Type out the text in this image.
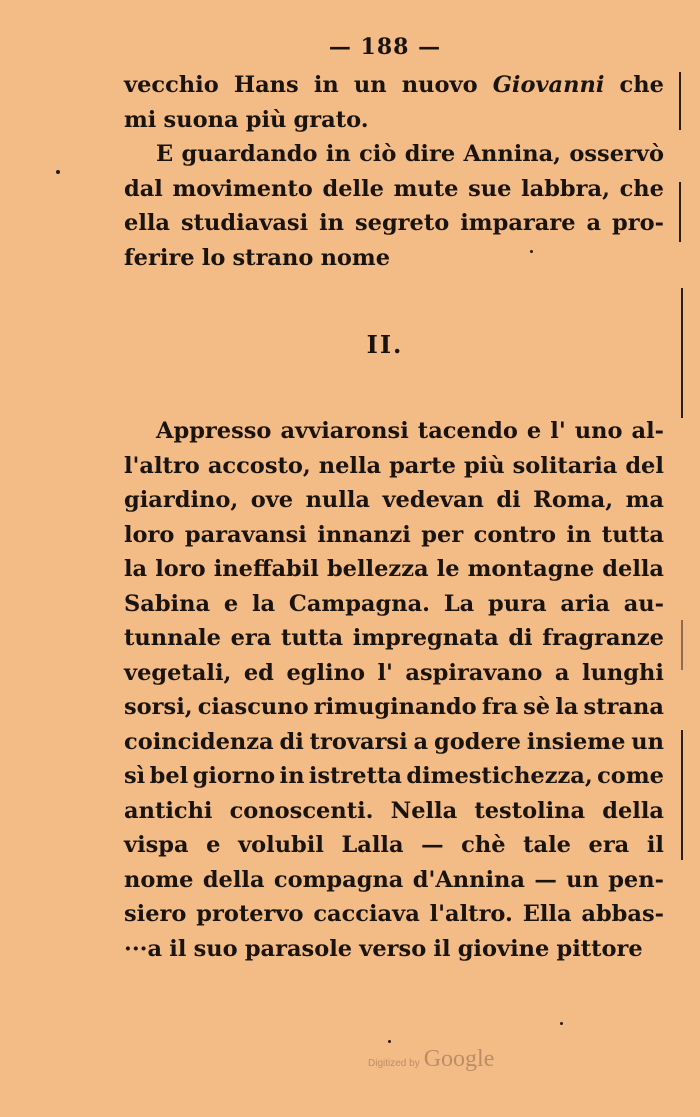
— 188 —
vecchio Hans in un nuovo Giovanni che
mi suona più grato.
E guardando in ciò dire Annina, osservò
dal movimento delle mute sue labbra, che
ella studiavasi in segreto imparare a pro-
ferire lo strano nome
II.
Appresso avviaronsi tacendo e l' uno al-
l'altro accosto, nella parte più solitaria del
giardino, ove nulla vedevan di Roma, ma
loro paravansi innanzi per contro in tutta
la loro ineffabil bellezza le montagne della
Sabina e la Campagna. La pura aria au-
tunnale era tutta impregnata di fragranze
vegetali, ed eglino l' aspiravano a lunghi
sorsi, ciascuno rimuginando fra sè la strana
coincidenza di trovarsi a godere insieme un
sì bel giorno in istretta dimestichezza, come
antichi conoscenti. Nella testolina della
vispa e volubil Lalla — chè tale era il
nome della compagna d'Annina — un pen-
siero protervo cacciava l'altro. Ella abbas-
···a il suo parasole verso il giovine pittore
Digitized by Google
